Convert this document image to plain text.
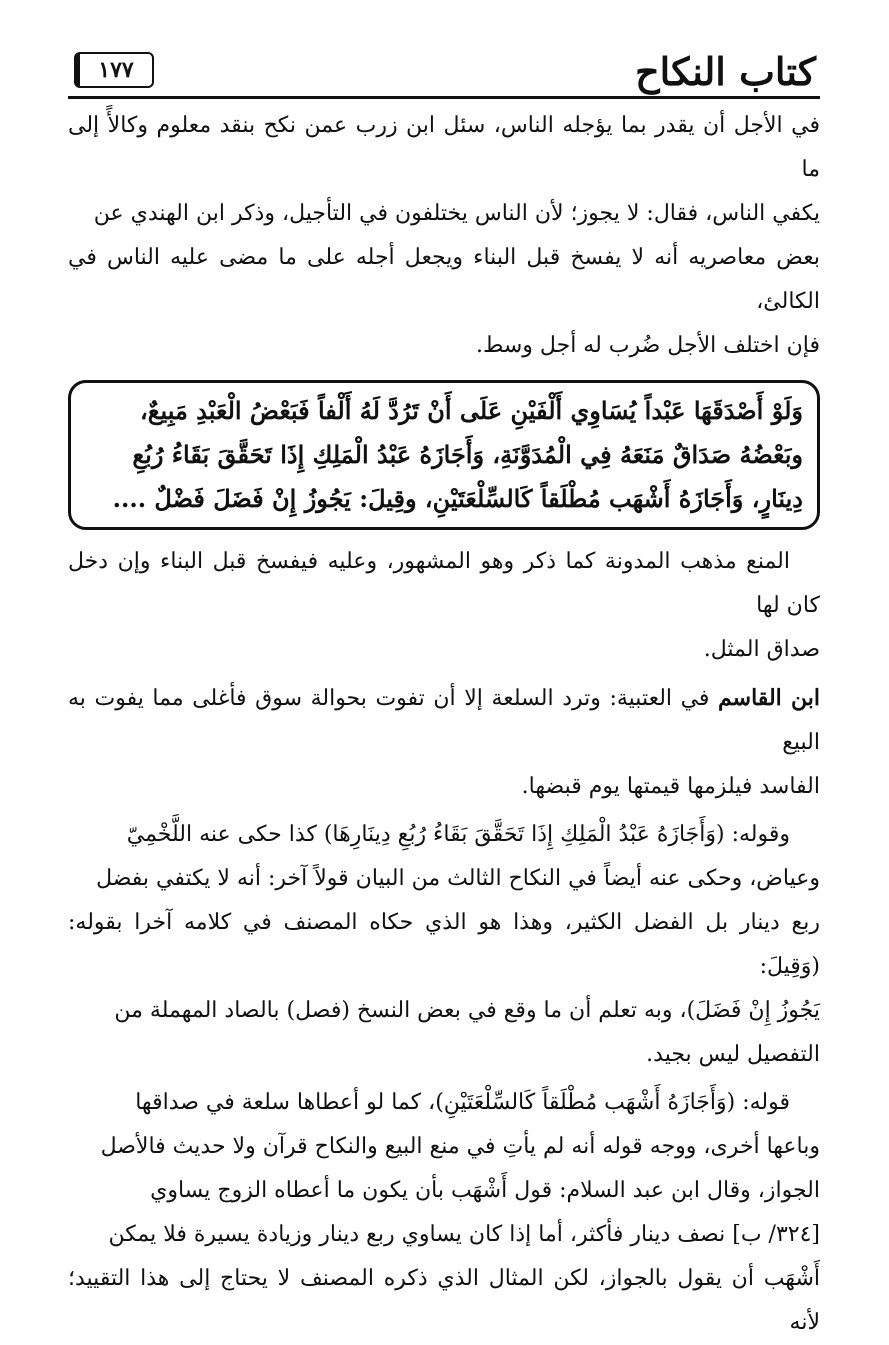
كتاب النكاح
١٧٧

في الأجل أن يقدر بما يؤجله الناس، سئل ابن زرب عمن نكح بنقد معلوم وكالأً إلى ما

يكفي الناس، فقال: لا يجوز؛ لأن الناس يختلفون في التأجيل، وذكر ابن الهندي عن

بعض معاصريه أنه لا يفسخ قبل البناء ويجعل أجله على ما مضى عليه الناس في الكالئ،

فإن اختلف الأجل ضُرب له أجل وسط.

وَلَوْ أَصْدَقَهَا عَبْداً يُسَاوِي أَلْفَيْنِ عَلَى أَنْ تَرُدَّ لَهُ أَلْفاً فَبَعْضُ الْعَبْدِ مَبِيعٌ،
وبَعْضُهُ صَدَاقٌ مَنَعَهُ فِي الْمُدَوَّنَةِ، وَأَجَازَهُ عَبْدُ الْمَلِكِ إِذَا تَحَقَّقَ بَقَاءُ رُبُعِ
دِينَارٍ، وَأَجَازَهُ أَشْهَب مُطْلَقاً كَالسِّلْعَتَيْنِ، وقِيلَ: يَجُوزُ إِنْ فَضَلَ فَضْلٌ ....

المنع مذهب المدونة كما ذكر وهو المشهور، وعليه فيفسخ قبل البناء وإن دخل كان لها

صداق المثل.

ابن القاسم في العتبية: وترد السلعة إلا أن تفوت بحوالة سوق فأغلى مما يفوت به البيع

الفاسد فيلزمها قيمتها يوم قبضها.

وقوله: (وَأَجَازَهُ عَبْدُ الْمَلِكِ إِذَا تَحَقَّقَ بَقَاءُ رُبُعِ دِينَارِهَا) كذا حكى عنه اللَّخْمِيّ

وعياض، وحكى عنه أيضاً في النكاح الثالث من البيان قولاً آخر: أنه لا يكتفي بفضل

ربع دينار بل الفضل الكثير، وهذا هو الذي حكاه المصنف في كلامه آخرا بقوله: (وَقِيلَ:

يَجُوزُ إِنْ فَضَلَ)، وبه تعلم أن ما وقع في بعض النسخ (فصل) بالصاد المهملة من

التفصيل ليس بجيد.

قوله: (وَأَجَازَهُ أَشْهَب مُطْلَقاً كَالسِّلْعَتَيْنِ)، كما لو أعطاها سلعة في صداقها

وباعها أخرى، ووجه قوله أنه لم يأتِ في منع البيع والنكاح قرآن ولا حديث فالأصل

الجواز، وقال ابن عبد السلام: قول أَشْهَب بأن يكون ما أعطاه الزوج يساوي

[٣٢٤/ ب] نصف دينار فأكثر، أما إذا كان يساوي ربع دينار وزيادة يسيرة فلا يمكن

أَشْهَب أن يقول بالجواز، لكن المثال الذي ذكره المصنف لا يحتاج إلى هذا التقييد؛ لأنه
